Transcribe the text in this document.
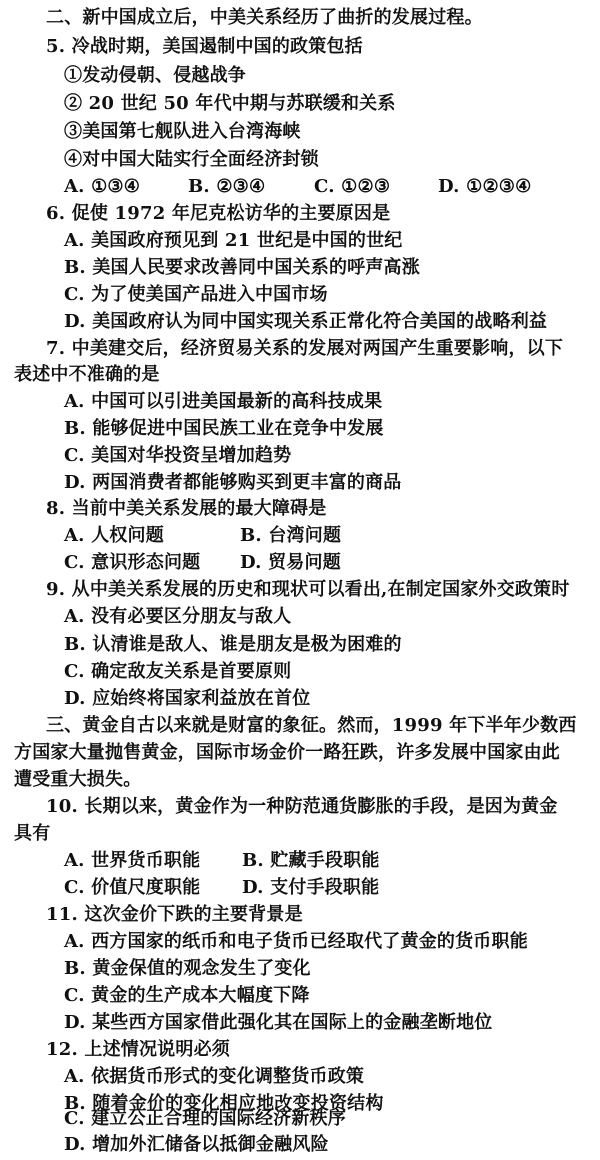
二、新中国成立后，中美关系经历了曲折的发展过程。
5. 冷战时期，美国遏制中国的政策包括
①发动侵朝、侵越战争
② 20 世纪 50 年代中期与苏联缓和关系
③美国第七舰队进入台湾海峡
④对中国大陆实行全面经济封锁
A. ①③④	B. ②③④	C. ①②③	D. ①②③④
6. 促使 1972 年尼克松访华的主要原因是
A. 美国政府预见到 21 世纪是中国的世纪
B. 美国人民要求改善同中国关系的呼声高涨
C. 为了使美国产品进入中国市场
D. 美国政府认为同中国实现关系正常化符合美国的战略利益
7. 中美建交后，经济贸易关系的发展对两国产生重要影响，以下
表述中不准确的是
A. 中国可以引进美国最新的高科技成果
B. 能够促进中国民族工业在竞争中发展
C. 美国对华投资呈增加趋势
D. 两国消费者都能够购买到更丰富的商品
8. 当前中美关系发展的最大障碍是
A. 人权问题	B. 台湾问题
C. 意识形态问题 D. 贸易问题
9. 从中美关系发展的历史和现状可以看出,在制定国家外交政策时
A. 没有必要区分朋友与敌人
B. 认清谁是敌人、谁是朋友是极为困难的
C. 确定敌友关系是首要原则
D. 应始终将国家利益放在首位
三、黄金自古以来就是财富的象征。然而，1999 年下半年少数西
方国家大量抛售黄金，国际市场金价一路狂跌，许多发展中国家由此
遭受重大损失。
10. 长期以来，黄金作为一种防范通货膨胀的手段，是因为黄金
具有
A. 世界货币职能 B. 贮藏手段职能
C. 价值尺度职能 D. 支付手段职能
11. 这次金价下跌的主要背景是
A. 西方国家的纸币和电子货币已经取代了黄金的货币职能
B. 黄金保值的观念发生了变化
C. 黄金的生产成本大幅度下降
D. 某些西方国家借此强化其在国际上的金融垄断地位
12. 上述情况说明必须
A. 依据货币形式的变化调整货币政策
B. 随着金价的变化相应地改变投资结构
C. 建立公正合理的国际经济新秩序
D. 增加外汇储备以抵御金融风险
